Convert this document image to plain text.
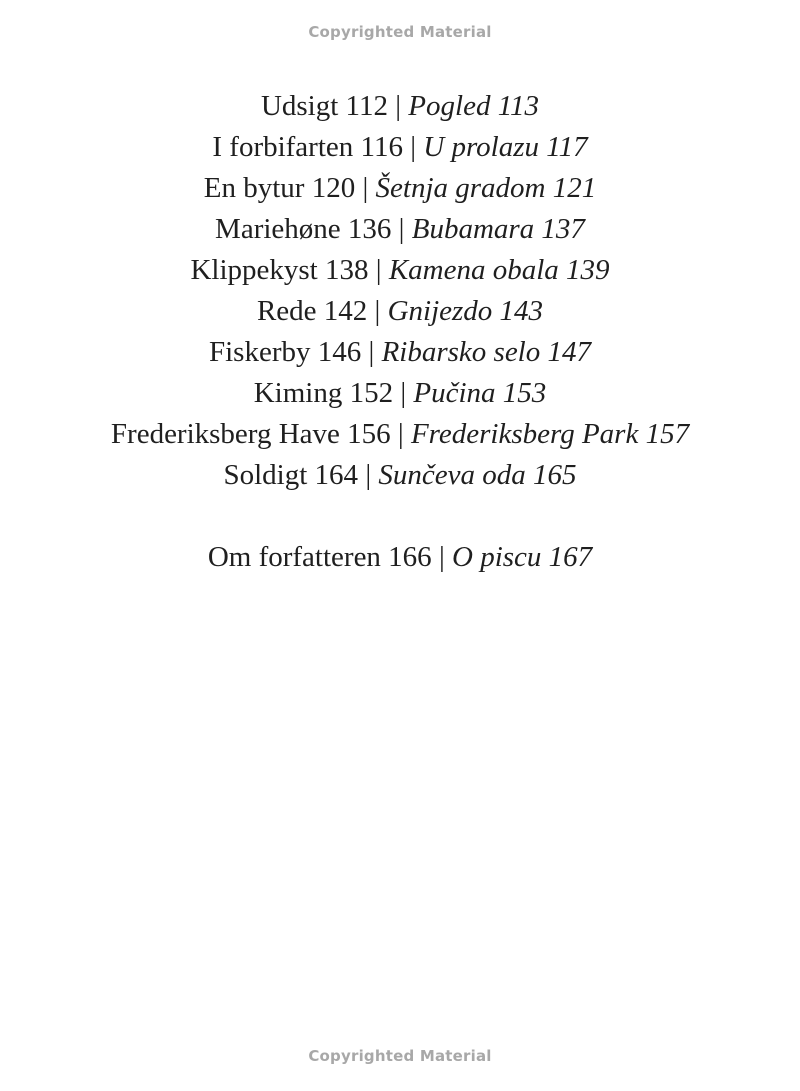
Copyrighted Material
Udsigt 112 | Pogled 113
I forbifarten 116 | U prolazu 117
En bytur 120 | Šetnja gradom 121
Mariehøne 136 | Bubamara 137
Klippekyst 138 | Kamena obala 139
Rede 142 | Gnijezdo 143
Fiskerby 146 | Ribarsko selo 147
Kiming 152 | Pučina 153
Frederiksberg Have 156 | Frederiksberg Park 157
Soldigt 164 | Sunčeva oda 165
Om forfatteren 166 | O piscu 167
Copyrighted Material
